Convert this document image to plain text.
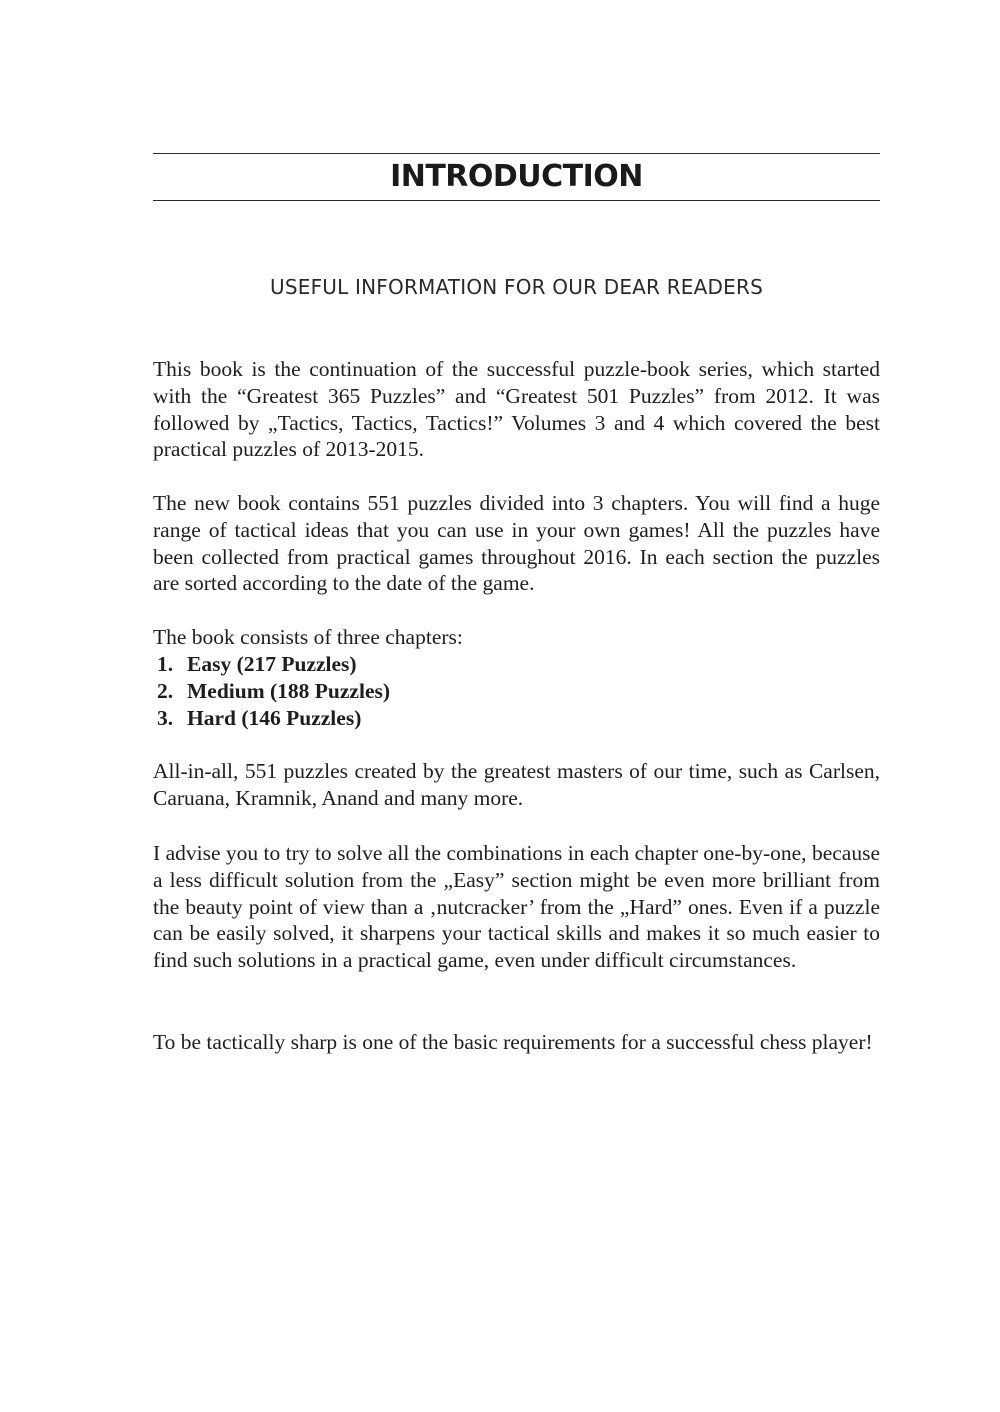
INTRODUCTION
USEFUL INFORMATION FOR OUR DEAR READERS

This book is the continuation of the successful puzzle-book series, which started with the “Greatest 365 Puzzles” and “Greatest 501 Puzzles” from 2012. It was followed by „Tactics, Tactics, Tactics!” Volumes 3 and 4 which covered the best practical puzzles of 2013-2015.

The new book contains 551 puzzles divided into 3 chapters. You will find a huge range of tactical ideas that you can use in your own games! All the puzzles have been collected from practical games throughout 2016. In each section the puzzles are sorted according to the date of the game.

The book consists of three chapters:

1. Easy (217 Puzzles)
2. Medium (188 Puzzles)
3. Hard (146 Puzzles)

All-in-all, 551 puzzles created by the greatest masters of our time, such as Carlsen, Caruana, Kramnik, Anand and many more.

I advise you to try to solve all the combinations in each chapter one-by-one, because a less difficult solution from the „Easy” section might be even more brilliant from the beauty point of view than a ‚nutcracker’ from the „Hard” ones. Even if a puzzle can be easily solved, it sharpens your tactical skills and makes it so much easier to find such solutions in a practical game, even under difficult circumstances.

To be tactically sharp is one of the basic requirements for a successful chess player!
